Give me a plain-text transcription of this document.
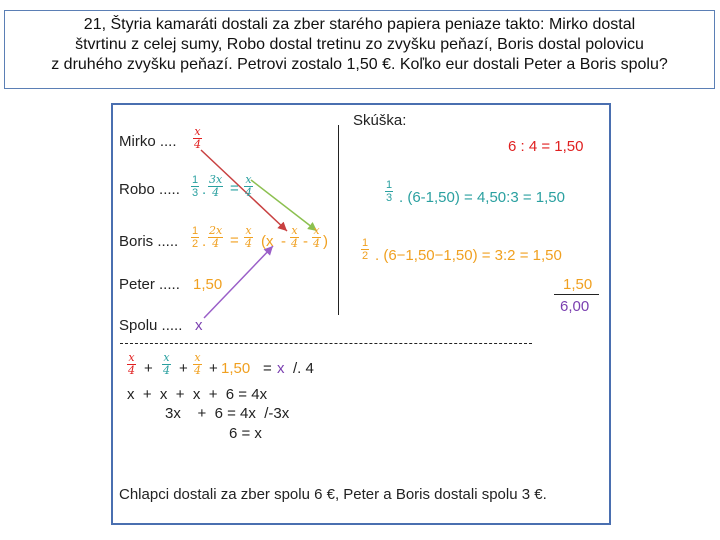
21, Štyria kamaráti dostali za zber starého papiera peniaze takto: Mirko dostal
štvrtinu z celej sumy, Robo dostal tretinu zo zvyšku peňazí, Boris dostal polovicu
z druhého zvyšku peňazí. Petrovi zostalo 1,50 €. Koľko eur dostali Peter a Boris spolu?
Mirko .... $\frac{x}{4}$
Robo ..... $\frac{1}{3}$ . $\frac{3x}{4} = \frac{x}{4}$
Boris ..... $\frac{1}{2}$ . $\frac{2x}{4} = \frac{x}{4} (x - \frac{x}{4} - \frac{x}{4}$ )
Peter ..... 1,50
Spolu ..... x
Skúška:
6 : 4 = 1,50
$\frac{1}{3}$ . (6-1,50) = 4,50:3 = 1,50
$\frac{1}{2}$ . (6−1,50−1,50) = 3:2 = 1,50
1,50
6,00
$\frac{x}{4} + \frac{x}{4} + \frac{x}{4} + 1,50 = x$ /. 4
x  +  x  +  x  +  6 = 4x
3x    +  6 = 4x  /-3x
6 = x
Chlapci dostali za zber spolu 6 €, Peter a Boris dostali spolu 3 €.
